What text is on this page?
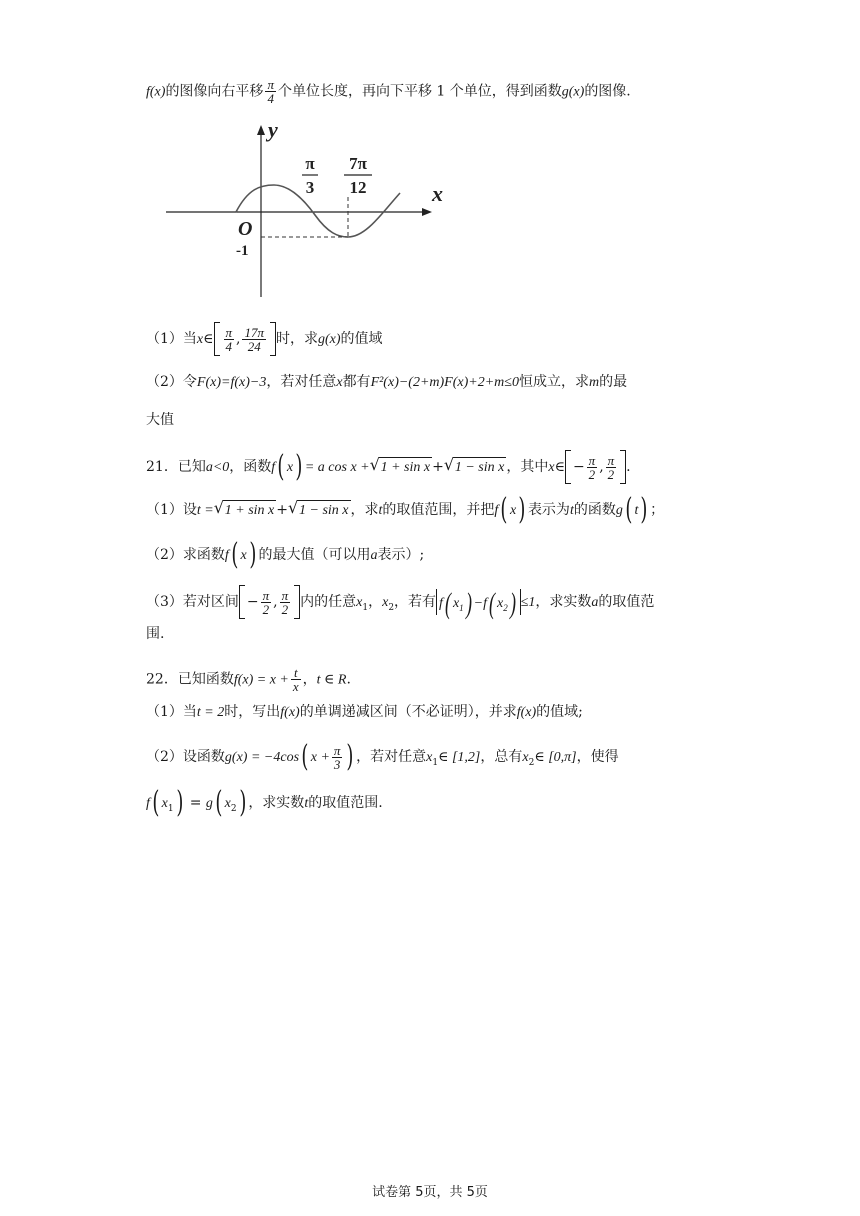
f(x)的图像向右平移 $\frac{\pi}{4}$ 个单位长度，再向下平移 1 个单位，得到函数g(x)的图像.
y
x
O
-1
π
3
7π
12
（1）当x∈ $\frac{\pi}{4}$ , $\frac{17\pi}{24}$ 时，求g(x)的值域
（2）令F(x)=f(x)−3，若对任意x都有F²(x)−(2+m)F(x)+2+m≤0恒成立，求m的最
大值
21．已知a<0，函数f( x) = a cos x + √ 1 + sin x + √ 1 − sin x ，其中x∈ − $\frac{\pi}{2}$ , $\frac{\pi}{2}$ .
（1）设t = √ 1 + sin x + √ 1 − sin x ，求t的取值范围，并把f( x) 表示为t的函数g( t) ；
（2）求函数f( x) 的最大值（可以用a表示）;
（3）若对区间 − $\frac{\pi}{2}$ , $\frac{\pi}{2}$ 内的任意$x_1$，$x_2$，若有 f( $x_1) -f$( $x_2) \le 1$，求实数a的取值范
围.
22．已知函数$f(x) = x + \frac{t}{x}$ ，t ∈ R.
（1）当t = 2时，写出f(x)的单调递减区间（不必证明），并求f(x)的值域;
（2）设函数g(x) = −4cos( $x + \frac{\pi}{3}$ ) ，若对任意$x_1\in$ [1,2]，总有$x_2\in$ [0,π]，使得
f( $x_1) = g$( $x_2$) ，求实数t的取值范围.
试卷第 5页，共 5页
